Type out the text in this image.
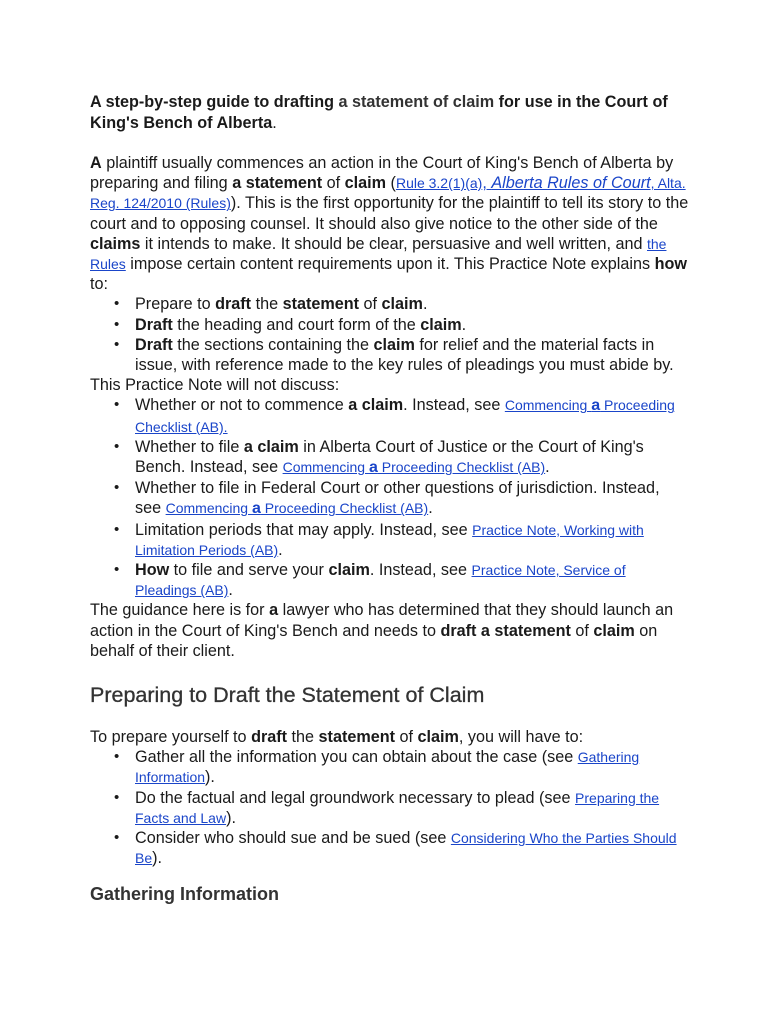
A step-by-step guide to drafting a statement of claim for use in the Court of King's Bench of Alberta.

A plaintiff usually commences an action in the Court of King's Bench of Alberta by preparing and filing a statement of claim (Rule 3.2(1)(a), Alberta Rules of Court, Alta. Reg. 124/2010 (Rules)). This is the first opportunity for the plaintiff to tell its story to the court and to opposing counsel. It should also give notice to the other side of the claims it intends to make. It should be clear, persuasive and well written, and the Rules impose certain content requirements upon it. This Practice Note explains how to:

• Prepare to draft the statement of claim.
• Draft the heading and court form of the claim.
• Draft the sections containing the claim for relief and the material facts in issue, with reference made to the key rules of pleadings you must abide by.

This Practice Note will not discuss:

• Whether or not to commence a claim. Instead, see Commencing a Proceeding Checklist (AB).
• Whether to file a claim in Alberta Court of Justice or the Court of King's Bench. Instead, see Commencing a Proceeding Checklist (AB).
• Whether to file in Federal Court or other questions of jurisdiction. Instead, see Commencing a Proceeding Checklist (AB).
• Limitation periods that may apply. Instead, see Practice Note, Working with Limitation Periods (AB).
• How to file and serve your claim. Instead, see Practice Note, Service of Pleadings (AB).

The guidance here is for a lawyer who has determined that they should launch an action in the Court of King's Bench and needs to draft a statement of claim on behalf of their client.

Preparing to Draft the Statement of Claim

To prepare yourself to draft the statement of claim, you will have to:

• Gather all the information you can obtain about the case (see Gathering Information).
• Do the factual and legal groundwork necessary to plead (see Preparing the Facts and Law).
• Consider who should sue and be sued (see Considering Who the Parties Should Be).
Gathering Information
